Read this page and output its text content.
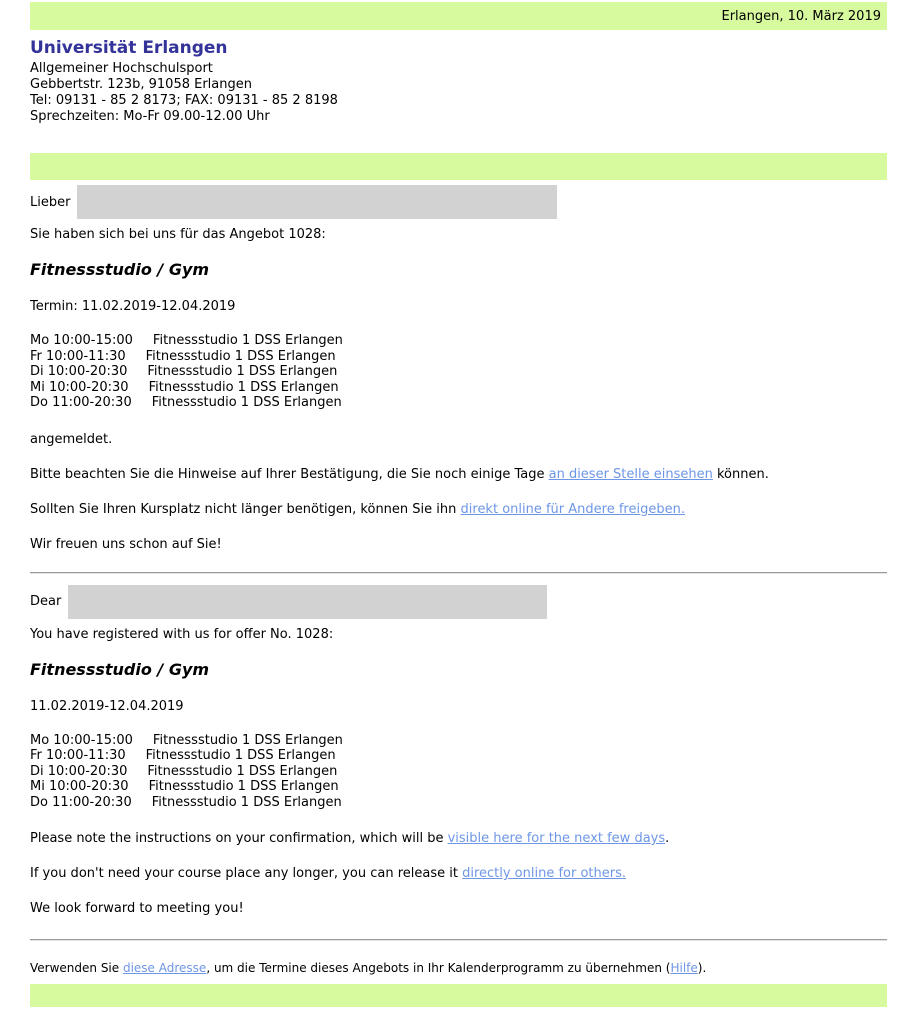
Erlangen, 10. März 2019
Universität Erlangen
Allgemeiner Hochschulsport
Gebbertstr. 123b, 91058 Erlangen
Tel: 09131 - 85 2 8173; FAX: 09131 - 85 2 8198
Sprechzeiten: Mo-Fr 09.00-12.00 Uhr
Lieber

Sie haben sich bei uns für das Angebot 1028:

Fitnessstudio / Gym

Termin: 11.02.2019-12.04.2019

Mo 10:00-15:00 Fitnessstudio 1 DSS Erlangen
Fr 10:00-11:30 Fitnessstudio 1 DSS Erlangen
Di 10:00-20:30 Fitnessstudio 1 DSS Erlangen
Mi 10:00-20:30 Fitnessstudio 1 DSS Erlangen
Do 11:00-20:30 Fitnessstudio 1 DSS Erlangen

angemeldet.

Bitte beachten Sie die Hinweise auf Ihrer Bestätigung, die Sie noch einige Tage an dieser Stelle einsehen können.

Sollten Sie Ihren Kursplatz nicht länger benötigen, können Sie ihn direkt online für Andere freigeben.

Wir freuen uns schon auf Sie!

Dear

You have registered with us for offer No. 1028:

Fitnessstudio / Gym

11.02.2019-12.04.2019

Mo 10:00-15:00 Fitnessstudio 1 DSS Erlangen
Fr 10:00-11:30 Fitnessstudio 1 DSS Erlangen
Di 10:00-20:30 Fitnessstudio 1 DSS Erlangen
Mi 10:00-20:30 Fitnessstudio 1 DSS Erlangen
Do 11:00-20:30 Fitnessstudio 1 DSS Erlangen

Please note the instructions on your confirmation, which will be visible here for the next few days.

If you don't need your course place any longer, you can release it directly online for others.

We look forward to meeting you!

Verwenden Sie diese Adresse, um die Termine dieses Angebots in Ihr Kalenderprogramm zu übernehmen (Hilfe).
